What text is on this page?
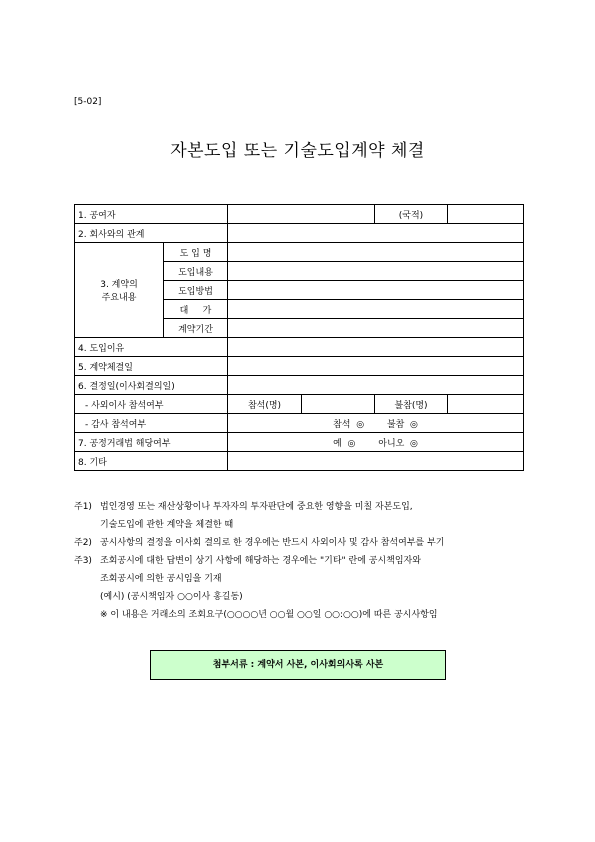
[5-02]
자본도입 또는 기술도입계약 체결
1. 공여자				(국적)	
2. 회사와의 관계					

3. 계약의
주요내용	도 입 명				
	도입내용				
	도입방법				
	대     가				
	계약기간				
4. 도입이유					
5. 계약체결일					
6. 결정일(이사회결의일)					
- 사외이사 참석여부		참석(명)		불참(명)	
- 감사 참석여부		참석  ◎        불참  ◎			
7. 공정거래법 해당여부		예  ◎        아니오  ◎			
8. 기타					
주1) 법인경영 또는 재산상황이나 투자자의 투자판단에 중요한 영향을 미칠 자본도입,
기술도입에 관한 계약을 체결한 때
주2) 공시사항의 결정을 이사회 결의로 한 경우에는 반드시 사외이사 및 감사 참석여부를 부기
주3) 조회공시에 대한 답변이 상기 사항에 해당하는 경우에는 "기타" 란에 공시책임자와
조회공시에 의한 공시임을 기재
(예시) (공시책임자 ○○이사 홍길동)
※ 이 내용은 거래소의 조회요구(○○○○년 ○○월 ○○일 ○○:○○)에 따른 공시사항임
첨부서류 : 계약서 사본, 이사회의사록 사본
